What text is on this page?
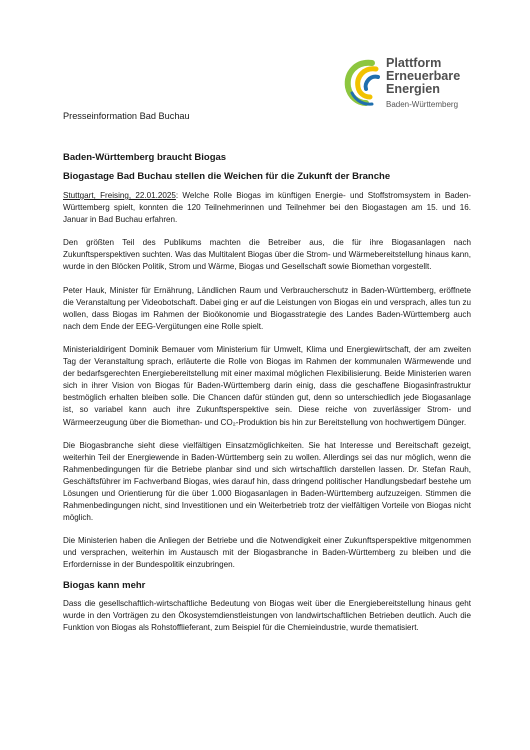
Presseinformation Bad Buchau
Plattform
Erneuerbare
Energien
Baden-Württemberg
Baden-Württemberg braucht Biogas
Biogastage Bad Buchau stellen die Weichen für die Zukunft der Branche

Stuttgart, Freising, 22.01.2025: Welche Rolle Biogas im künftigen Energie- und Stoffstromsystem in Baden-Württemberg spielt, konnten die 120 Teilnehmerinnen und Teilnehmer bei den Biogastagen am 15. und 16. Januar in Bad Buchau erfahren.

Den größten Teil des Publikums machten die Betreiber aus, die für ihre Biogasanlagen nach Zukunftsperspektiven suchten. Was das Multitalent Biogas über die Strom- und Wärmebereitstellung hinaus kann, wurde in den Blöcken Politik, Strom und Wärme, Biogas und Gesellschaft sowie Biomethan vorgestellt.

Peter Hauk, Minister für Ernährung, Ländlichen Raum und Verbraucherschutz in Baden-Württemberg, eröffnete die Veranstaltung per Videobotschaft. Dabei ging er auf die Leistungen von Biogas ein und versprach, alles tun zu wollen, dass Biogas im Rahmen der Bioökonomie und Biogasstrategie des Landes Baden-Württemberg auch nach dem Ende der EEG-Vergütungen eine Rolle spielt.

Ministerialdirigent Dominik Bemauer vom Ministerium für Umwelt, Klima und Energiewirtschaft, der am zweiten Tag der Veranstaltung sprach, erläuterte die Rolle von Biogas im Rahmen der kommunalen Wärmewende und der bedarfsgerechten Energiebereitstellung mit einer maximal möglichen Flexibilisierung. Beide Ministerien waren sich in ihrer Vision von Biogas für Baden-Württemberg darin einig, dass die geschaffene Biogasinfrastruktur bestmöglich erhalten bleiben solle. Die Chancen dafür stünden gut, denn so unterschiedlich jede Biogasanlage ist, so variabel kann auch ihre Zukunftsperspektive sein. Diese reiche von zuverlässiger Strom- und Wärmeerzeugung über die Biomethan- und CO₂-Produktion bis hin zur Bereitstellung von hochwertigem Dünger.

Die Biogasbranche sieht diese vielfältigen Einsatzmöglichkeiten. Sie hat Interesse und Bereitschaft gezeigt, weiterhin Teil der Energiewende in Baden-Württemberg sein zu wollen. Allerdings sei das nur möglich, wenn die Rahmenbedingungen für die Betriebe planbar sind und sich wirtschaftlich darstellen lassen. Dr. Stefan Rauh, Geschäftsführer im Fachverband Biogas, wies darauf hin, dass dringend politischer Handlungsbedarf bestehe um Lösungen und Orientierung für die über 1.000 Biogasanlagen in Baden-Württemberg aufzuzeigen. Stimmen die Rahmenbedingungen nicht, sind Investitionen und ein Weiterbetrieb trotz der vielfältigen Vorteile von Biogas nicht möglich.

Die Ministerien haben die Anliegen der Betriebe und die Notwendigkeit einer Zukunftsperspektive mitgenommen und versprachen, weiterhin im Austausch mit der Biogasbranche in Baden-Württemberg zu bleiben und die Erfordernisse in der Bundespolitik einzubringen.

Biogas kann mehr

Dass die gesellschaftlich-wirtschaftliche Bedeutung von Biogas weit über die Energiebereitstellung hinaus geht wurde in den Vorträgen zu den Ökosystemdienstleistungen von landwirtschaftlichen Betrieben deutlich. Auch die Funktion von Biogas als Rohstofflieferant, zum Beispiel für die Chemieindustrie, wurde thematisiert.
